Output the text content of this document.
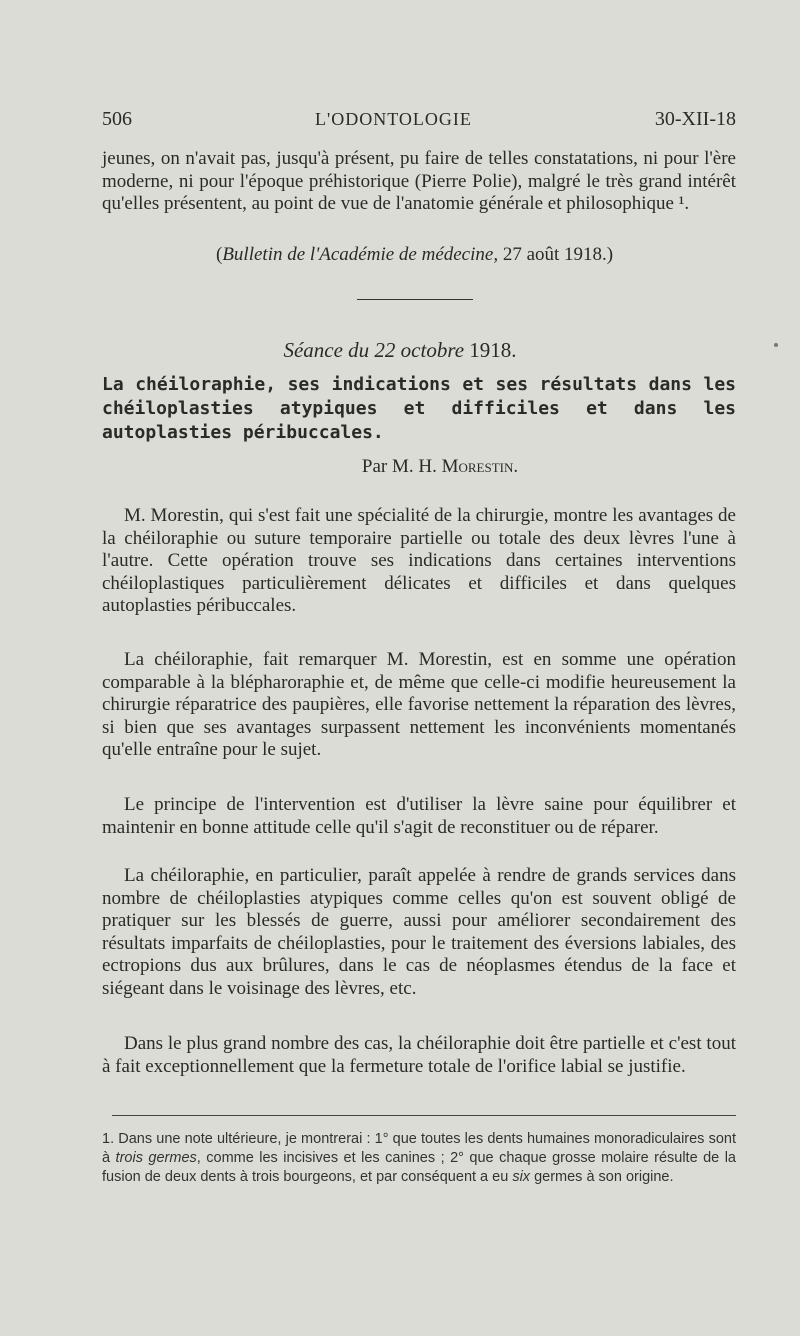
506	L'ODONTOLOGIE	30-XII-18
jeunes, on n'avait pas, jusqu'à présent, pu faire de telles constatations, ni pour l'ère moderne, ni pour l'époque préhistorique (Pierre Polie), malgré le très grand intérêt qu'elles présentent, au point de vue de l'anatomie générale et philosophique ¹.
(Bulletin de l'Académie de médecine, 27 août 1918.)
Séance du 22 octobre 1918.
La chéiloraphie, ses indications et ses résultats dans les chéiloplasties atypiques et difficiles et dans les autoplasties péribuccales.
Par M. H. Morestin.
M. Morestin, qui s'est fait une spécialité de la chirurgie, montre les avantages de la chéiloraphie ou suture temporaire partielle ou totale des deux lèvres l'une à l'autre. Cette opération trouve ses indications dans certaines interventions chéiloplastiques particulièrement délicates et difficiles et dans quelques autoplasties péribuccales.
La chéiloraphie, fait remarquer M. Morestin, est en somme une opération comparable à la blépharoraphie et, de même que celle-ci modifie heureusement la chirurgie réparatrice des paupières, elle favorise nettement la réparation des lèvres, si bien que ses avantages surpassent nettement les inconvénients momentanés qu'elle entraîne pour le sujet.
Le principe de l'intervention est d'utiliser la lèvre saine pour équilibrer et maintenir en bonne attitude celle qu'il s'agit de reconstituer ou de réparer.
La chéiloraphie, en particulier, paraît appelée à rendre de grands services dans nombre de chéiloplasties atypiques comme celles qu'on est souvent obligé de pratiquer sur les blessés de guerre, aussi pour améliorer secondairement des résultats imparfaits de chéiloplasties, pour le traitement des éversions labiales, des ectropions dus aux brûlures, dans le cas de néoplasmes étendus de la face et siégeant dans le voisinage des lèvres, etc.
Dans le plus grand nombre des cas, la chéiloraphie doit être partielle et c'est tout à fait exceptionnellement que la fermeture totale de l'orifice labial se justifie.
1. Dans une note ultérieure, je montrerai : 1° que toutes les dents humaines monoradiculaires sont à trois germes, comme les incisives et les canines ; 2° que chaque grosse molaire résulte de la fusion de deux dents à trois bourgeons, et par conséquent a eu six germes à son origine.
